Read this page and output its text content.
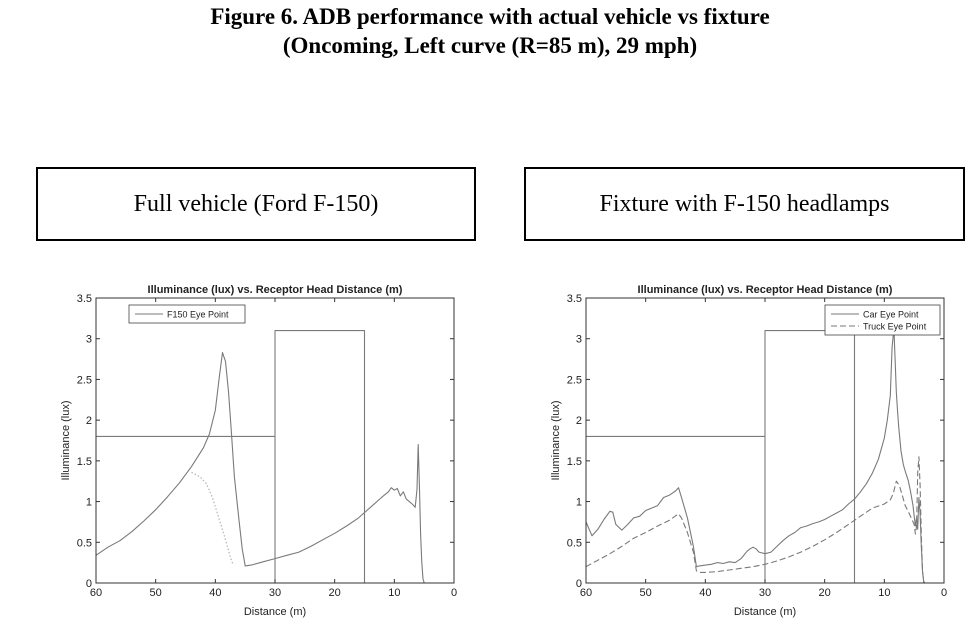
Figure 6. ADB performance with actual vehicle vs fixture
(Oncoming, Left curve (R=85 m), 29 mph)
Full vehicle (Ford F-150)	Fixture with F-150 headlamps
Illuminance (lux) vs. Receptor Head Distance (m)
60	50	40	30	20	10	0
0
0.5
1
1.5
2
2.5
3
3.5
Distance (m)
Illuminance (lux)
F150 Eye Point
Illuminance (lux) vs. Receptor Head Distance (m)
60	50	40	30	20	10	0
0
0.5
1
1.5
2
2.5
3
3.5
Distance (m)
Illuminance (lux)
Car Eye Point
Truck Eye Point
